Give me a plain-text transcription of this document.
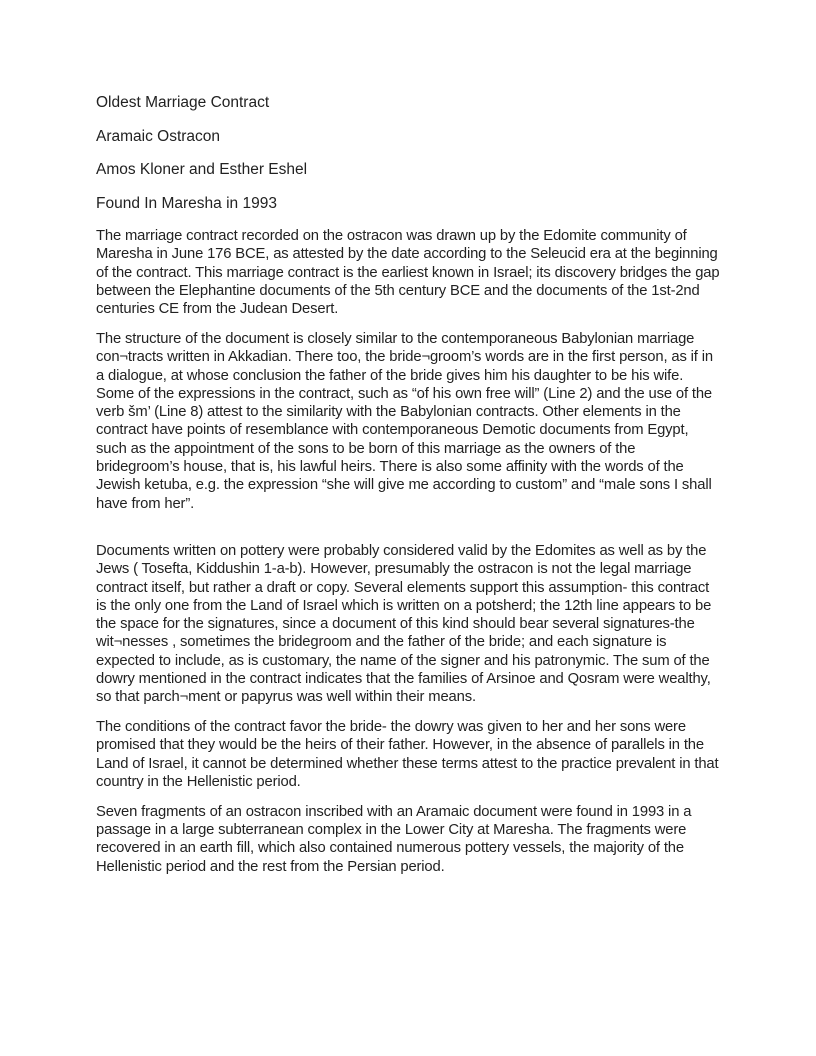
Oldest Marriage Contract

Aramaic Ostracon

Amos Kloner and Esther Eshel

Found In Maresha in 1993

The marriage contract recorded on the ostracon was drawn up by the Edomite community of Maresha in June 176 BCE, as attested by the date according to the Seleucid era at the beginning of the contract. This marriage contract is the earliest known in Israel; its discovery bridges the gap between the Elephantine documents of the 5th century BCE and the documents of the 1st-2nd centuries CE from the Judean Desert.

The structure of the document is closely similar to the contemporaneous Babylonian marriage con¬tracts written in Akkadian. There too, the bride¬groom’s words are in the first person, as if in a dialogue, at whose conclusion the father of the bride gives him his daughter to be his wife. Some of the expressions in the contract, such as “of his own free will” (Line 2) and the use of the verb šm’ (Line 8) attest to the similarity with the Babylonian contracts. Other elements in the contract have points of resemblance with contemporaneous Demotic documents from Egypt, such as the appointment of the sons to be born of this marriage as the owners of the bridegroom’s house, that is, his lawful heirs. There is also some affinity with the words of the Jewish ketuba, e.g. the expression “she will give me according to custom” and “male sons I shall have from her”.

Documents written on pottery were probably considered valid by the Edomites as well as by the Jews ( Tosefta, Kiddushin 1-a-b). However, presumably the ostracon is not the legal marriage contract itself, but rather a draft or copy. Several elements support this assumption- this contract is the only one from the Land of Israel which is written on a potsherd; the 12th line appears to be the space for the signatures, since a document of this kind should bear several signatures-the wit¬nesses , sometimes the bridegroom and the father of the bride; and each signature is expected to include, as is customary, the name of the signer and his patronymic. The sum of the dowry mentioned in the contract indicates that the families of Arsinoe and Qosram were wealthy, so that parch¬ment or papyrus was well within their means.

The conditions of the contract favor the bride- the dowry was given to her and her sons were promised that they would be the heirs of their father. However, in the absence of parallels in the Land of Israel, it cannot be determined whether these terms attest to the practice prevalent in that country in the Hellenistic period.

Seven fragments of an ostracon inscribed with an Aramaic document were found in 1993 in a passage in a large subterranean complex in the Lower City at Maresha. The fragments were recovered in an earth fill, which also contained numerous pottery vessels, the majority of the Hellenistic period and the rest from the Persian period.
